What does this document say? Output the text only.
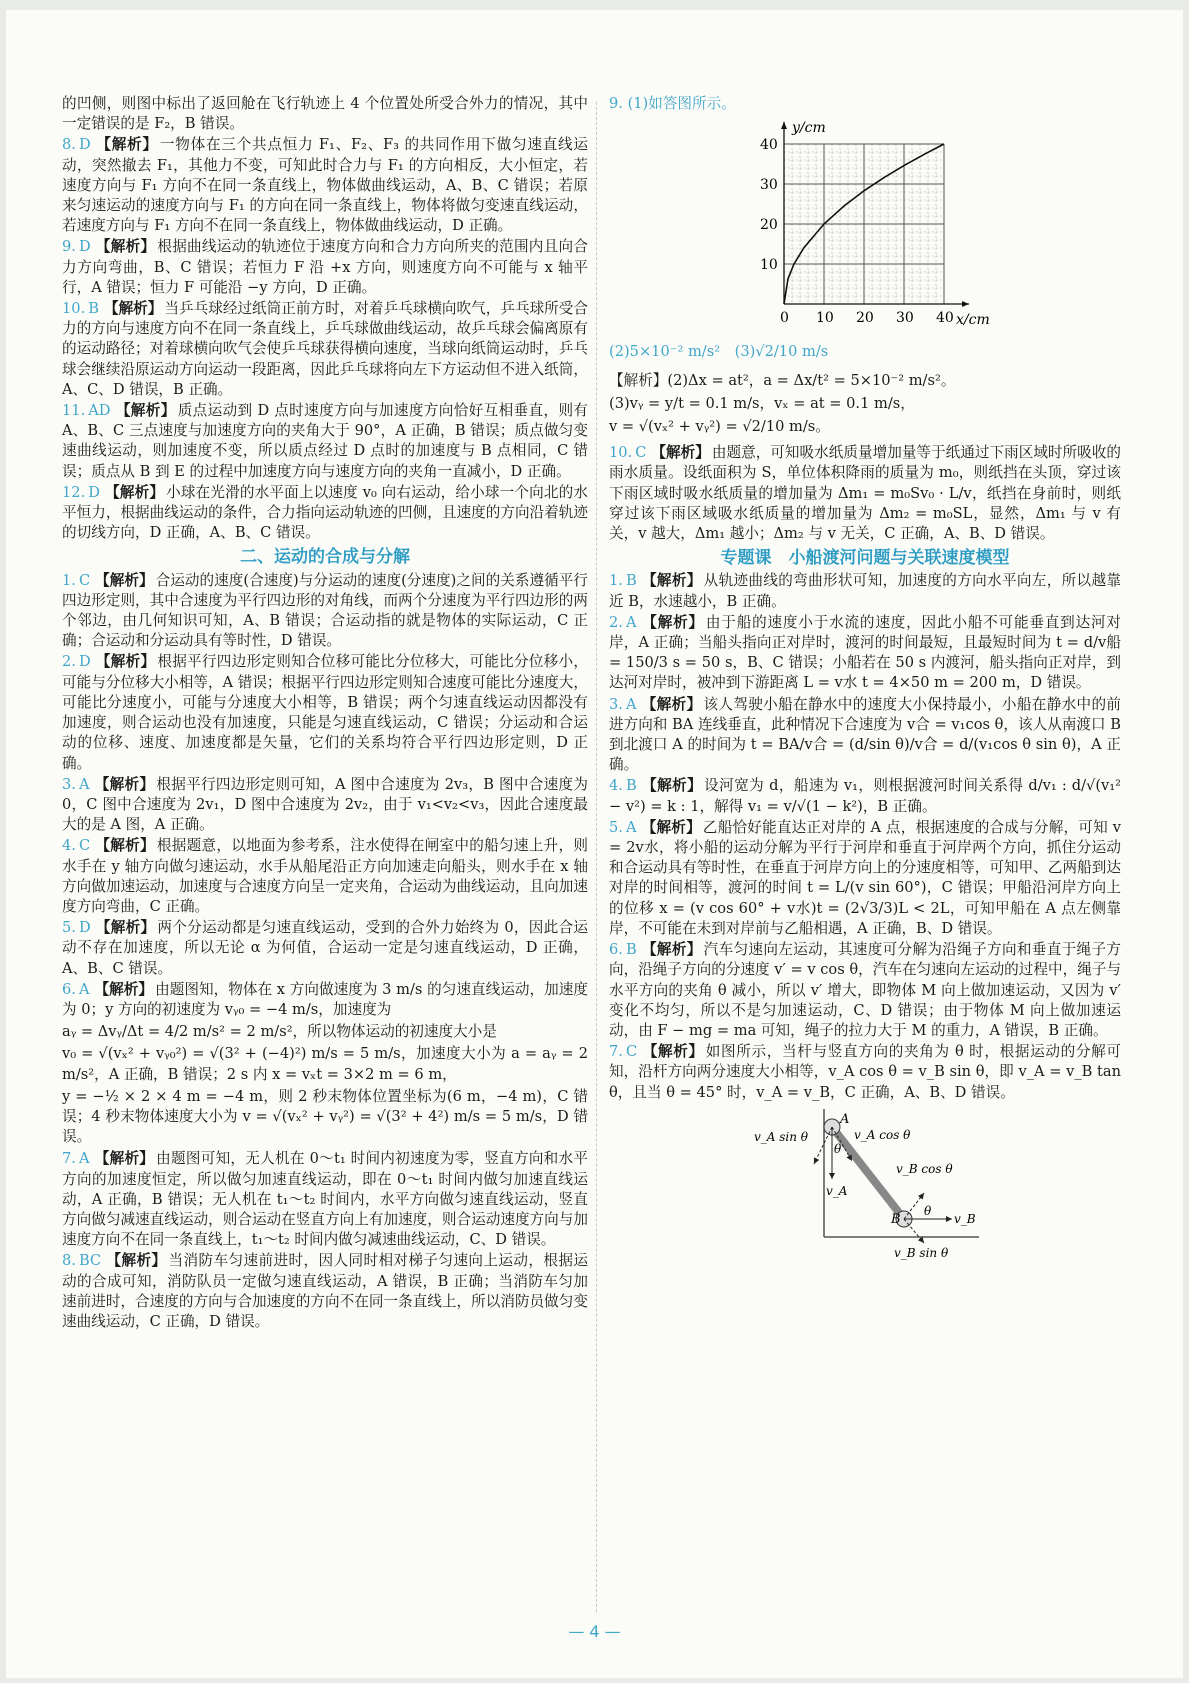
的凹侧，则图中标出了返回舱在飞行轨迹上 4 个位置处所受合外力的情况，其中一定错误的是 F₂，B 错误。
8. D 【解析】 一物体在三个共点恒力 F₁、F₂、F₃ 的共同作用下做匀速直线运动，突然撤去 F₁，其他力不变，可知此时合力与 F₁ 的方向相反，大小恒定，若速度方向与 F₁ 方向不在同一条直线上，物体做曲线运动，A、B、C 错误；若原来匀速运动的速度方向与 F₁ 的方向在同一条直线上，物体将做匀变速直线运动，若速度方向与 F₁ 方向不在同一条直线上，物体做曲线运动，D 正确。
9. D 【解析】 根据曲线运动的轨迹位于速度方向和合力方向所夹的范围内且向合力方向弯曲，B、C 错误；若恒力 F 沿 +x 方向，则速度方向不可能与 x 轴平行，A 错误；恒力 F 可能沿 −y 方向，D 正确。
10. B 【解析】 当乒乓球经过纸筒正前方时，对着乒乓球横向吹气，乒乓球所受合力的方向与速度方向不在同一条直线上，乒乓球做曲线运动，故乒乓球会偏离原有的运动路径；对着球横向吹气会使乒乓球获得横向速度，当球向纸筒运动时，乒乓球会继续沿原运动方向运动一段距离，因此乒乓球将向左下方运动但不进入纸筒，A、C、D 错误，B 正确。
11. AD 【解析】 质点运动到 D 点时速度方向与加速度方向恰好互相垂直，则有 A、B、C 三点速度与加速度方向的夹角大于 90°，A 正确，B 错误；质点做匀变速曲线运动，则加速度不变，所以质点经过 D 点时的加速度与 B 点相同，C 错误；质点从 B 到 E 的过程中加速度方向与速度方向的夹角一直减小，D 正确。
12. D 【解析】 小球在光滑的水平面上以速度 v₀ 向右运动，给小球一个向北的水平恒力，根据曲线运动的条件，合力指向运动轨迹的凹侧，且速度的方向沿着轨迹的切线方向，D 正确，A、B、C 错误。
二、运动的合成与分解
1. C 【解析】 合运动的速度(合速度)与分运动的速度(分速度)之间的关系遵循平行四边形定则，其中合速度为平行四边形的对角线，而两个分速度为平行四边形的两个邻边，由几何知识可知，A、B 错误；合运动指的就是物体的实际运动，C 正确；合运动和分运动具有等时性，D 错误。
2. D 【解析】 根据平行四边形定则知合位移可能比分位移大，可能比分位移小，可能与分位移大小相等，A 错误；根据平行四边形定则知合速度可能比分速度大，可能比分速度小，可能与分速度大小相等，B 错误；两个匀速直线运动因都没有加速度，则合运动也没有加速度，只能是匀速直线运动，C 错误；分运动和合运动的位移、速度、加速度都是矢量，它们的关系均符合平行四边形定则，D 正确。
3. A 【解析】 根据平行四边形定则可知，A 图中合速度为 2v₃，B 图中合速度为 0，C 图中合速度为 2v₁，D 图中合速度为 2v₂，由于 v₁<v₂<v₃，因此合速度最大的是 A 图，A 正确。
4. C 【解析】 根据题意，以地面为参考系，注水使得在闸室中的船匀速上升，则水手在 y 轴方向做匀速运动，水手从船尾沿正方向加速走向船头，则水手在 x 轴方向做加速运动，加速度与合速度方向呈一定夹角，合运动为曲线运动，且向加速度方向弯曲，C 正确。
5. D 【解析】 两个分运动都是匀速直线运动，受到的合外力始终为 0，因此合运动不存在加速度，所以无论 α 为何值，合运动一定是匀速直线运动，D 正确，A、B、C 错误。
6. A 【解析】 由题图知，物体在 x 方向做速度为 3 m/s 的匀速直线运动，加速度为 0；y 方向的初速度为 vᵧ₀ = −4 m/s，加速度为
aᵧ = Δvᵧ/Δt = 4/2 m/s² = 2 m/s²，所以物体运动的初速度大小是
v₀ = √(vₓ² + vᵧ₀²) = √(3² + (−4)²) m/s = 5 m/s，加速度大小为 a = aᵧ = 2 m/s²，A 正确，B 错误；2 s 内 x = vₓt = 3×2 m = 6 m，
y = −½ × 2 × 4 m = −4 m，则 2 秒末物体位置坐标为(6 m，−4 m)，C 错误；4 秒末物体速度大小为 v = √(vₓ² + vᵧ²) = √(3² + 4²) m/s = 5 m/s，D 错误。
7. A 【解析】 由题图可知，无人机在 0～t₁ 时间内初速度为零，竖直方向和水平方向的加速度恒定，所以做匀加速直线运动，即在 0～t₁ 时间内做匀加速直线运动，A 正确，B 错误；无人机在 t₁～t₂ 时间内，水平方向做匀速直线运动，竖直方向做匀减速直线运动，则合运动在竖直方向上有加速度，则合运动速度方向与加速度方向不在同一条直线上，t₁～t₂ 时间内做匀减速曲线运动，C、D 错误。
8. BC 【解析】 当消防车匀速前进时，因人同时相对梯子匀速向上运动，根据运动的合成可知，消防队员一定做匀速直线运动，A 错误，B 正确；当消防车匀加速前进时，合速度的方向与合加速度的方向不在同一条直线上，所以消防员做匀变速曲线运动，C 正确，D 错误。
9. (1)如答图所示。
0 10 20 30 40
10
20
30
40
x/cm
y/cm
(2)5×10⁻² m/s²　(3)√2/10 m/s
【解析】(2)Δx = at²，a = Δx/t² = 5×10⁻² m/s²。
(3)vᵧ = y/t = 0.1 m/s，vₓ = at = 0.1 m/s，
v = √(vₓ² + vᵧ²) = √2/10 m/s。
10. C 【解析】 由题意，可知吸水纸质量增加量等于纸通过下雨区域时所吸收的雨水质量。设纸面积为 S，单位体积降雨的质量为 m₀，则纸挡在头顶，穿过该下雨区域时吸水纸质量的增加量为 Δm₁ = m₀Sv₀ · L/v，纸挡在身前时，则纸穿过该下雨区域吸水纸质量的增加量为 Δm₂ = m₀SL，显然，Δm₁ 与 v 有关，v 越大，Δm₁ 越小；Δm₂ 与 v 无关，C 正确，A、B、D 错误。
专题课　小船渡河问题与关联速度模型
1. B 【解析】 从轨迹曲线的弯曲形状可知，加速度的方向水平向左，所以越靠近 B，水速越小，B 正确。
2. A 【解析】 由于船的速度小于水流的速度，因此小船不可能垂直到达河对岸，A 正确；当船头指向正对岸时，渡河的时间最短，且最短时间为 t = d/v船 = 150/3 s = 50 s，B、C 错误；小船若在 50 s 内渡河，船头指向正对岸，到达河对岸时，被冲到下游距离 L = v水 t = 4×50 m = 200 m，D 错误。
3. A 【解析】 该人驾驶小船在静水中的速度大小保持最小，小船在静水中的前进方向和 BA 连线垂直，此种情况下合速度为 v合 = v₁cos θ，该人从南渡口 B 到北渡口 A 的时间为 t = BA/v合 = (d/sin θ)/v合 = d/(v₁cos θ sin θ)，A 正确。
4. B 【解析】 设河宽为 d，船速为 v₁，则根据渡河时间关系得 d/v₁ : d/√(v₁² − v²) = k : 1，解得 v₁ = v/√(1 − k²)，B 正确。
5. A 【解析】 乙船恰好能直达正对岸的 A 点，根据速度的合成与分解，可知 v = 2v水，将小船的运动分解为平行于河岸和垂直于河岸两个方向，抓住分运动和合运动具有等时性，在垂直于河岸方向上的分速度相等，可知甲、乙两船到达对岸的时间相等，渡河的时间 t = L/(v sin 60°)，C 错误；甲船沿河岸方向上的位移 x = (v cos 60° + v水)t = (2√3/3)L < 2L，可知甲船在 A 点左侧靠岸，不可能在未到对岸前与乙船相遇，A 正确，B、D 错误。
6. B 【解析】 汽车匀速向左运动，其速度可分解为沿绳子方向和垂直于绳子方向，沿绳子方向的分速度 v′ = v cos θ，汽车在匀速向左运动的过程中，绳子与水平方向的夹角 θ 减小，所以 v′ 增大，即物体 M 向上做加速运动，又因为 v′ 变化不均匀，所以不是匀加速运动，C、D 错误；由于物体 M 向上做加速运动，由 F − mg = ma 可知，绳子的拉力大于 M 的重力，A 错误，B 正确。
7. C 【解析】 如图所示，当杆与竖直方向的夹角为 θ 时，根据运动的分解可知，沿杆方向两分速度大小相等，v_A cos θ = v_B sin θ，即 v_A = v_B tan θ，且当 θ = 45° 时，v_A = v_B，C 正确，A、B、D 错误。
A
B
θ
θ
v_A sin θ	v_A cos θ
v_A
v_B cos θ
v_B
v_B sin θ
— 4 —
